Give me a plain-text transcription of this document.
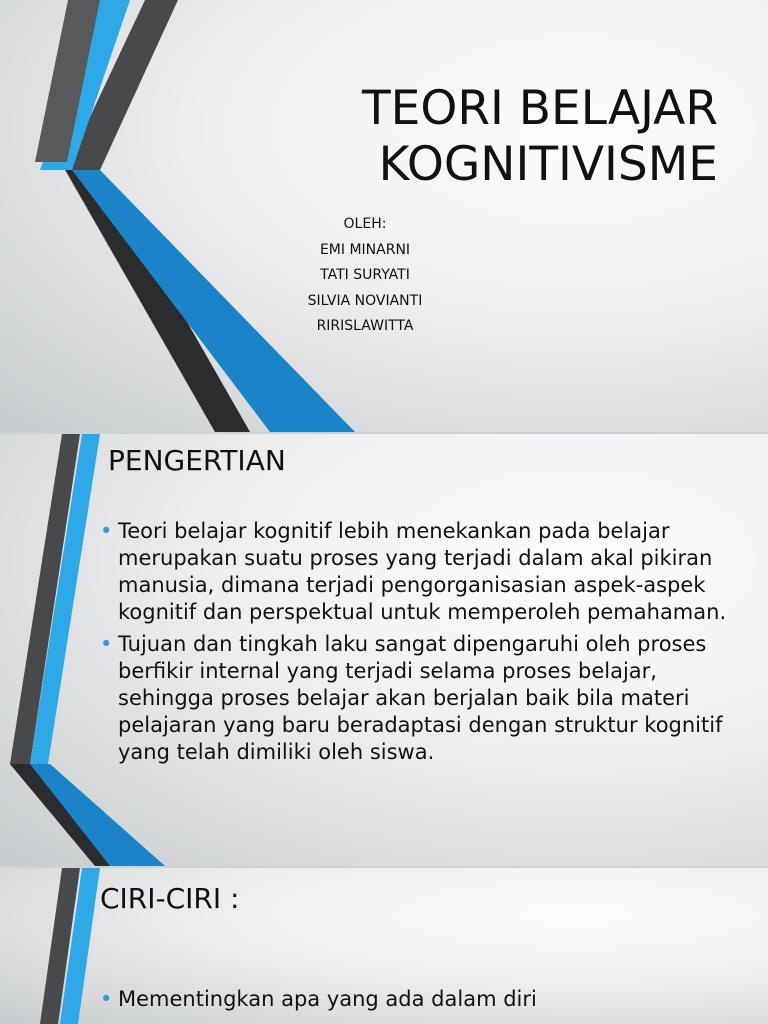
TEORI BELAJAR
KOGNITIVISME
OLEH:
EMI MINARNI
TATI SURYATI
SILVIA NOVIANTI
RIRISLAWITTA
PENGERTIAN
• Teori belajar kognitif lebih menekankan pada belajar merupakan suatu proses yang terjadi dalam akal pikiran manusia, dimana terjadi pengorganisasian aspek-aspek kognitif dan perspektual untuk memperoleh pemahaman.
• Tujuan dan tingkah laku sangat dipengaruhi oleh proses berfikir internal yang terjadi selama proses belajar, sehingga proses belajar akan berjalan baik bila materi pelajaran yang baru beradaptasi dengan struktur kognitif yang telah dimiliki oleh siswa.
CIRI-CIRI :
• Mementingkan apa yang ada dalam diri
